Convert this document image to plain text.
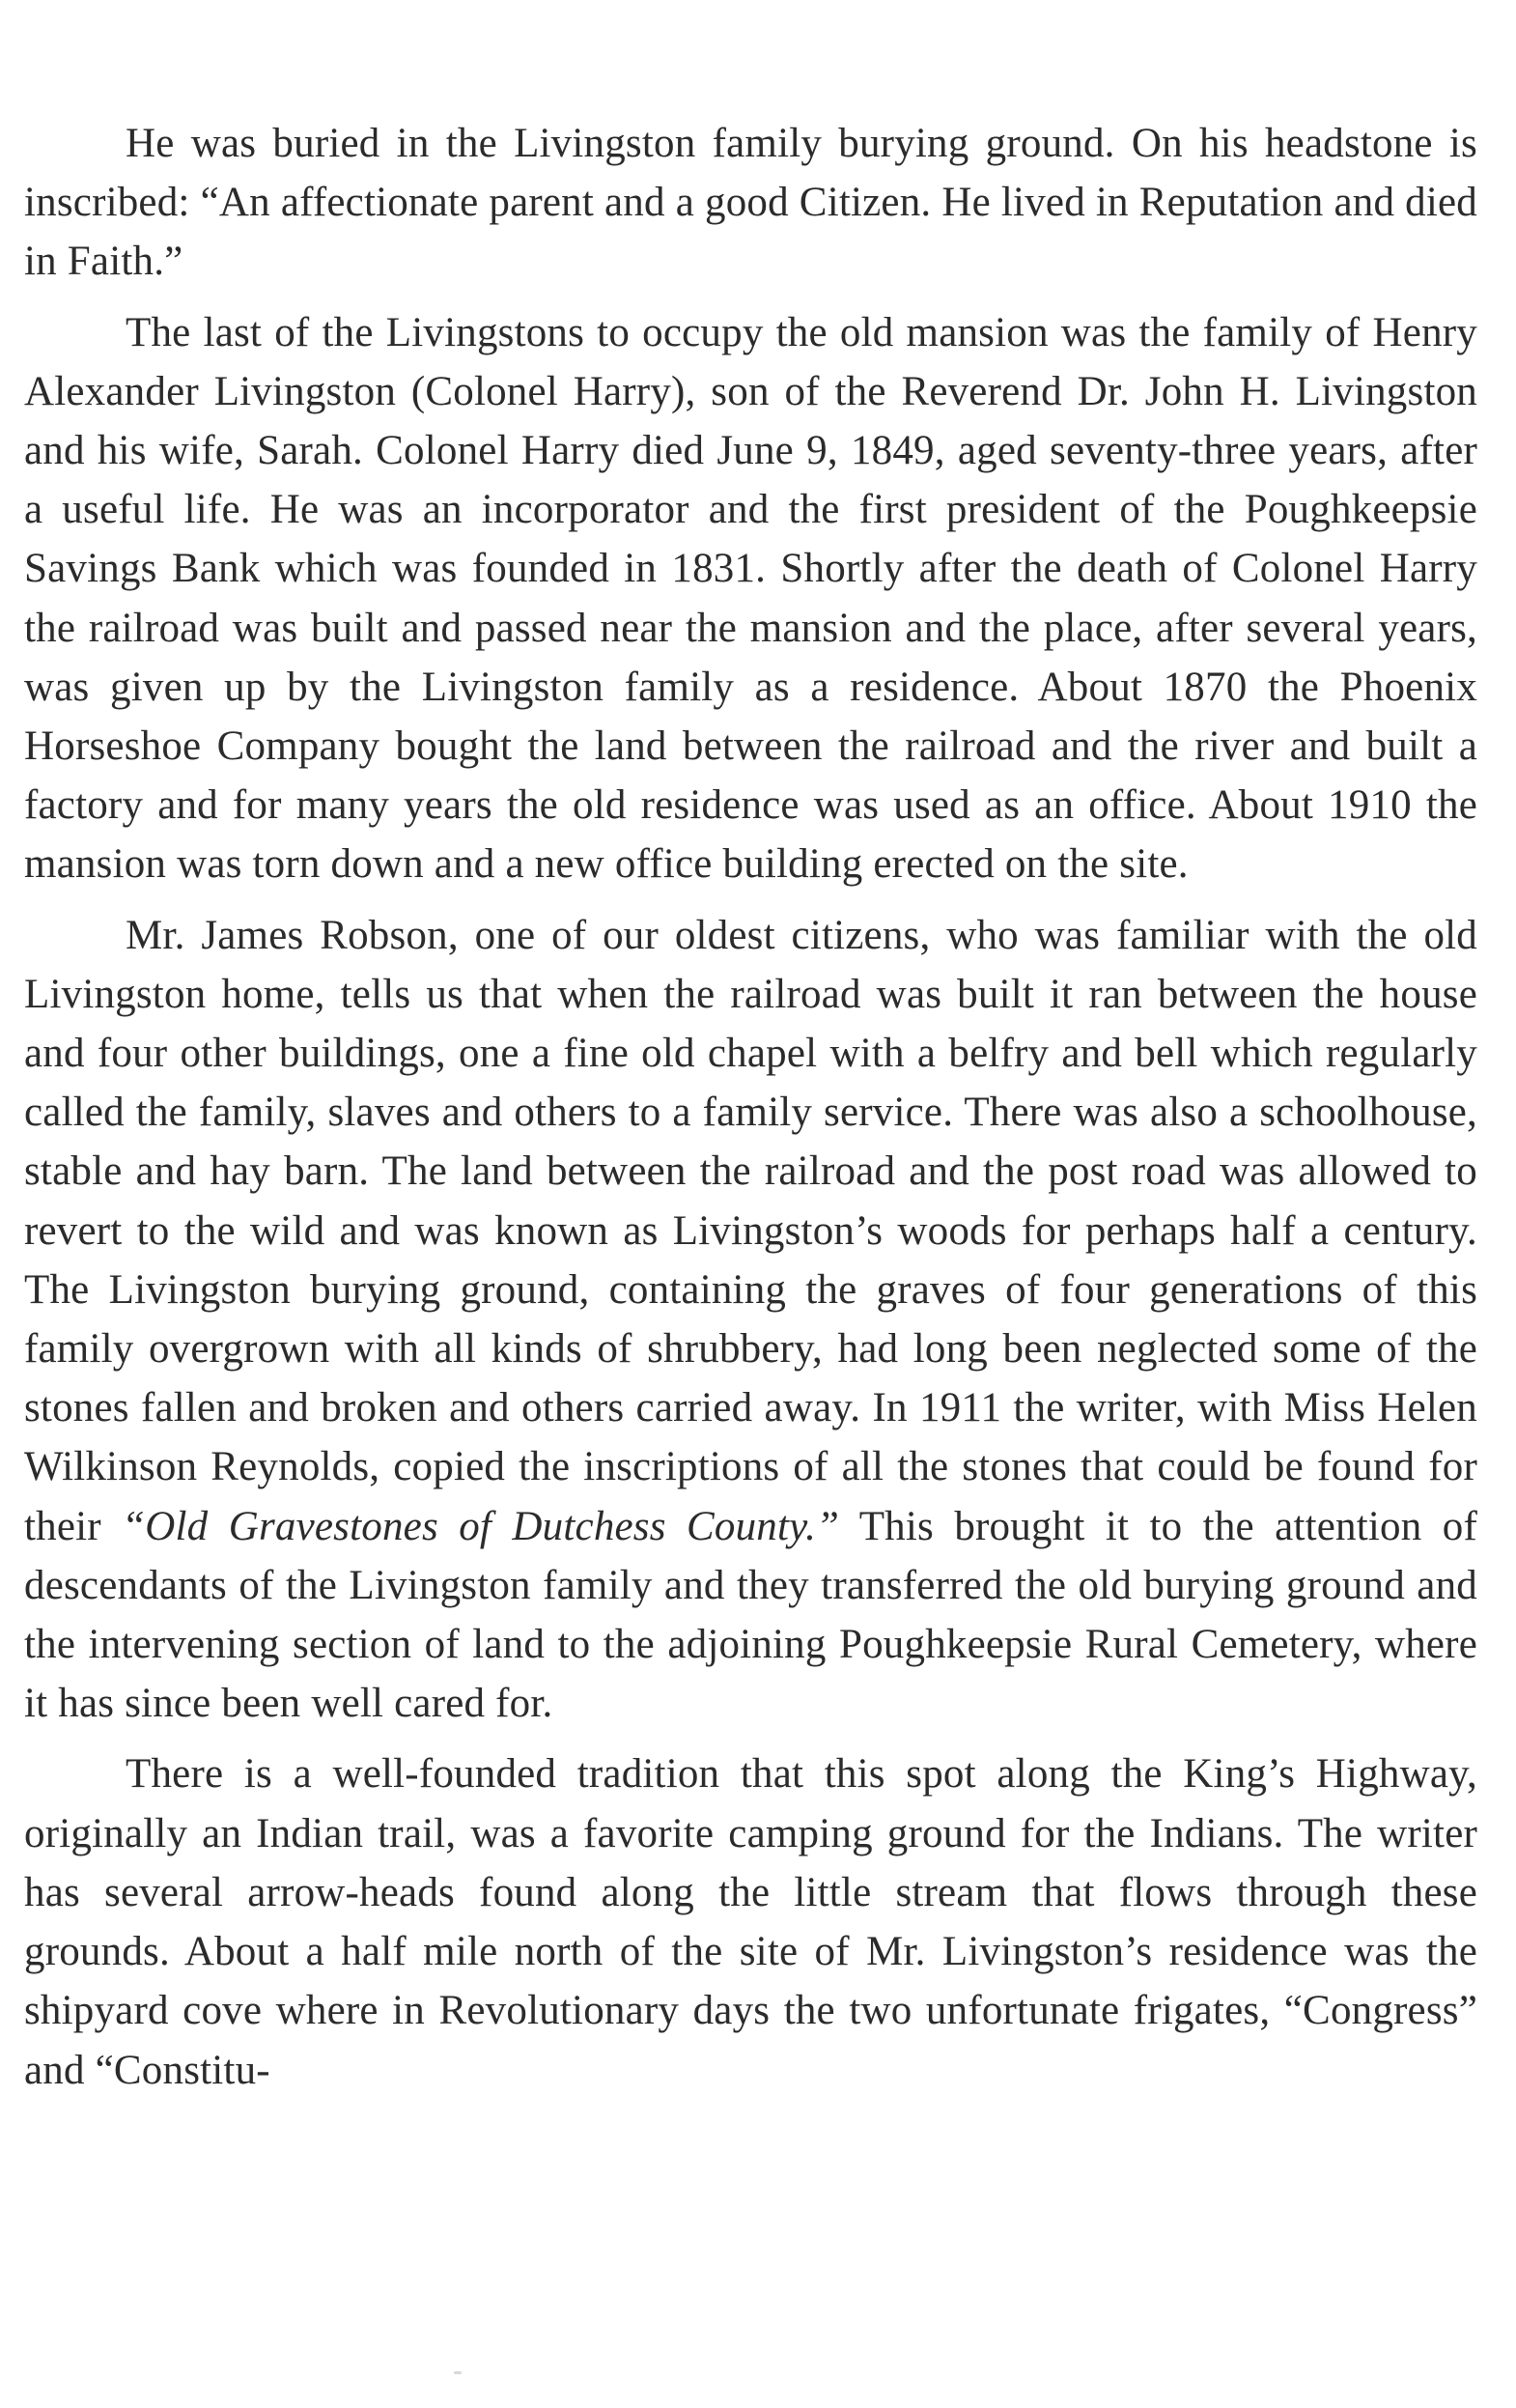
He was buried in the Livingston family burying ground. On his headstone is inscribed: “An affectionate parent and a good Citizen. He lived in Reputation and died in Faith.”

The last of the Livingstons to occupy the old mansion was the family of Henry Alexander Livingston (Colonel Harry), son of the Reverend Dr. John H. Livingston and his wife, Sarah. Colonel Harry died June 9, 1849, aged seventy-three years, after a useful life. He was an incorporator and the first president of the Poughkeepsie Savings Bank which was founded in 1831. Shortly after the death of Colonel Harry the railroad was built and passed near the mansion and the place, after several years, was given up by the Livingston family as a residence. About 1870 the Phoenix Horseshoe Company bought the land between the railroad and the river and built a factory and for many years the old residence was used as an office. About 1910 the mansion was torn down and a new office building erected on the site.

Mr. James Robson, one of our oldest citizens, who was familiar with the old Livingston home, tells us that when the railroad was built it ran between the house and four other buildings, one a fine old chapel with a belfry and bell which regularly called the family, slaves and others to a family service. There was also a schoolhouse, stable and hay barn. The land between the railroad and the post road was allowed to revert to the wild and was known as Livingston’s woods for perhaps half a century. The Livingston burying ground, containing the graves of four generations of this family overgrown with all kinds of shrubbery, had long been neglected some of the stones fallen and broken and others carried away. In 1911 the writer, with Miss Helen Wilkinson Reynolds, copied the inscriptions of all the stones that could be found for their “Old Gravestones of Dutchess County.” This brought it to the attention of descendants of the Livingston family and they transferred the old burying ground and the intervening section of land to the adjoining Poughkeepsie Rural Cemetery, where it has since been well cared for.

There is a well-founded tradition that this spot along the King’s Highway, originally an Indian trail, was a favorite camping ground for the Indians. The writer has several arrow-heads found along the little stream that flows through these grounds. About a half mile north of the site of Mr. Livingston’s residence was the shipyard cove where in Revolutionary days the two unfortunate frigates, “Congress” and “Constitu-
